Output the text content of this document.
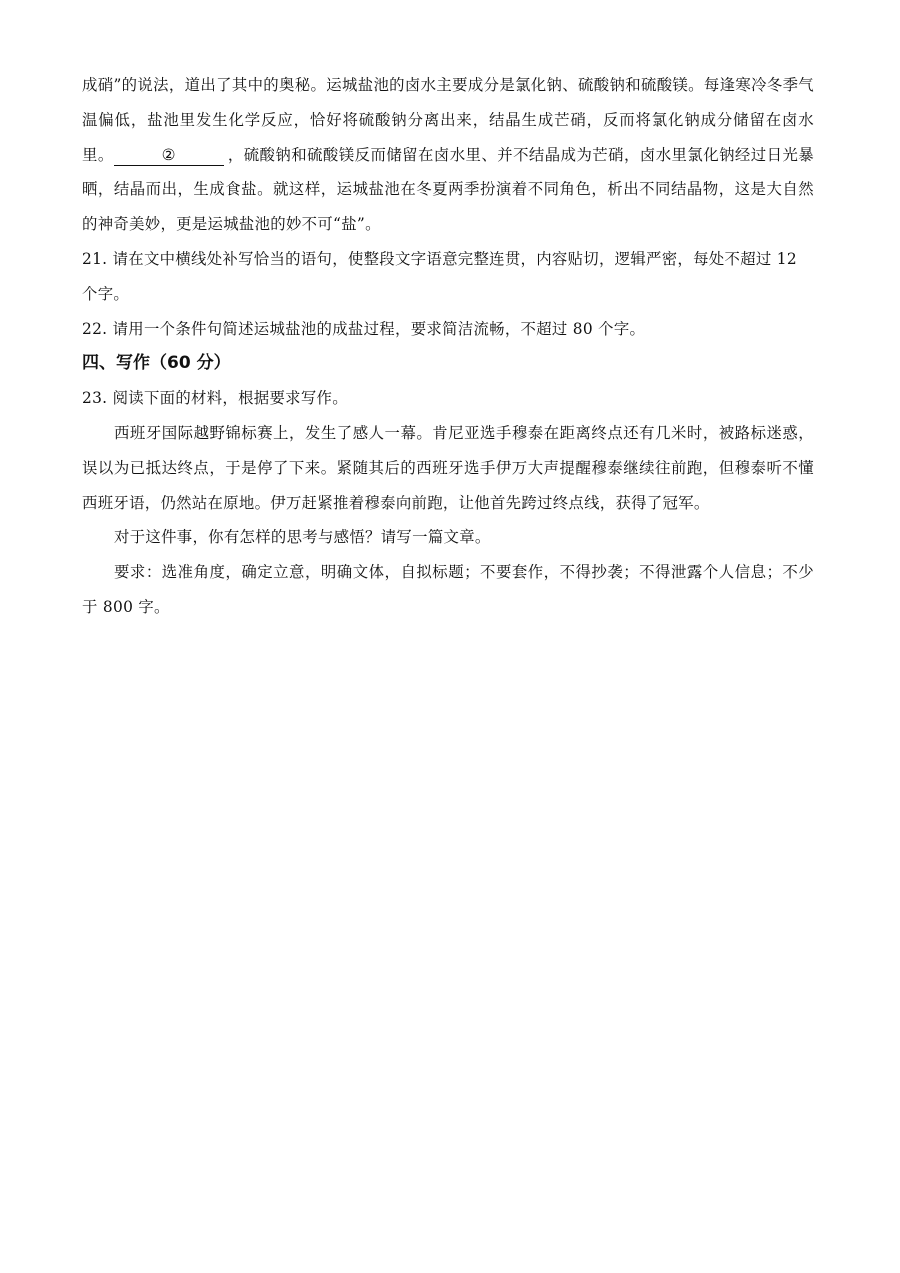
成硝”的说法，道出了其中的奥秘。运城盐池的卤水主要成分是氯化钠、硫酸钠和硫酸镁。每逢寒冷冬季气温偏低，盐池里发生化学反应，恰好将硫酸钠分离出来，结晶生成芒硝，反而将氯化钠成分储留在卤水里。	②	，硫酸钠和硫酸镁反而储留在卤水里、并不结晶成为芒硝，卤水里氯化钠经过日光暴晒，结晶而出，生成食盐。就这样，运城盐池在冬夏两季扮演着不同角色，析出不同结晶物，这是大自然的神奇美妙，更是运城盐池的妙不可“盐”。

21. 请在文中横线处补写恰当的语句，使整段文字语意完整连贯，内容贴切，逻辑严密，每处不超过 12 个字。

22. 请用一个条件句简述运城盐池的成盐过程，要求简洁流畅，不超过 80 个字。

四、写作（60 分）

23. 阅读下面的材料，根据要求写作。

西班牙国际越野锦标赛上，发生了感人一幕。肯尼亚选手穆泰在距离终点还有几米时，被路标迷惑，误以为已抵达终点，于是停了下来。紧随其后的西班牙选手伊万大声提醒穆泰继续往前跑，但穆泰听不懂西班牙语，仍然站在原地。伊万赶紧推着穆泰向前跑，让他首先跨过终点线，获得了冠军。

对于这件事，你有怎样的思考与感悟？请写一篇文章。

要求：选准角度，确定立意，明确文体，自拟标题；不要套作，不得抄袭；不得泄露个人信息；不少于 800 字。
